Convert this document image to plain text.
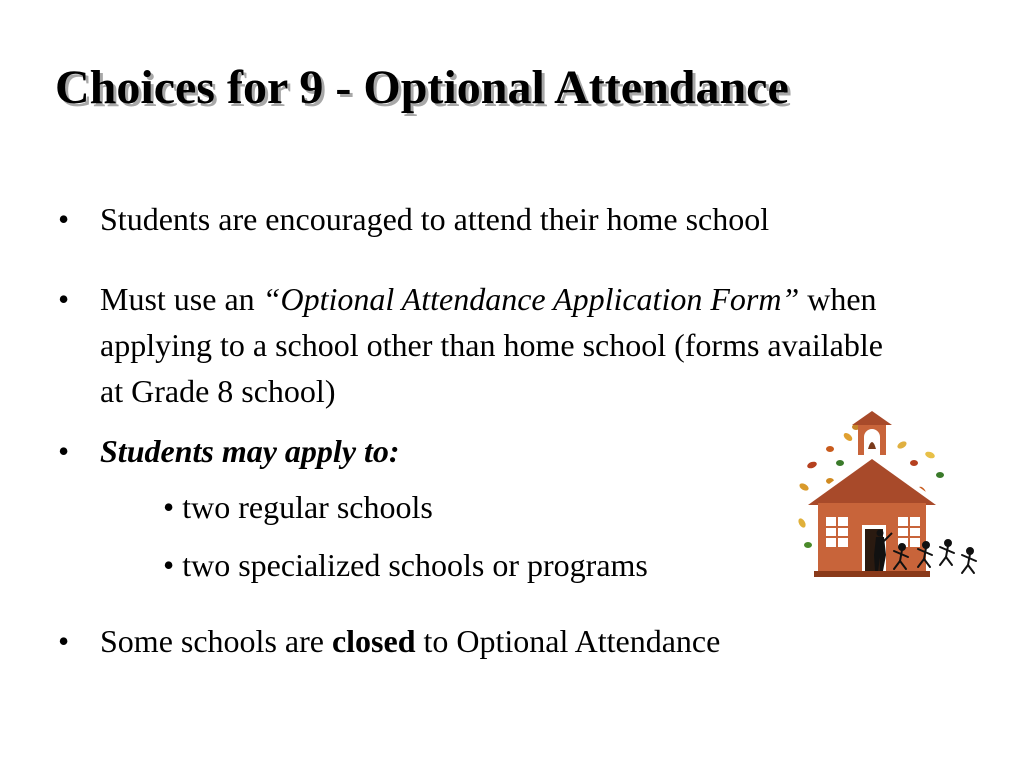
Choices for 9 - Optional Attendance
• Students are encouraged to attend their home school
• Must use an “Optional Attendance Application Form” when applying to a school other than home school (forms available at Grade 8 school)
• Students may apply to:
• two regular schools
• two specialized schools or programs
• Some schools are closed to Optional Attendance
